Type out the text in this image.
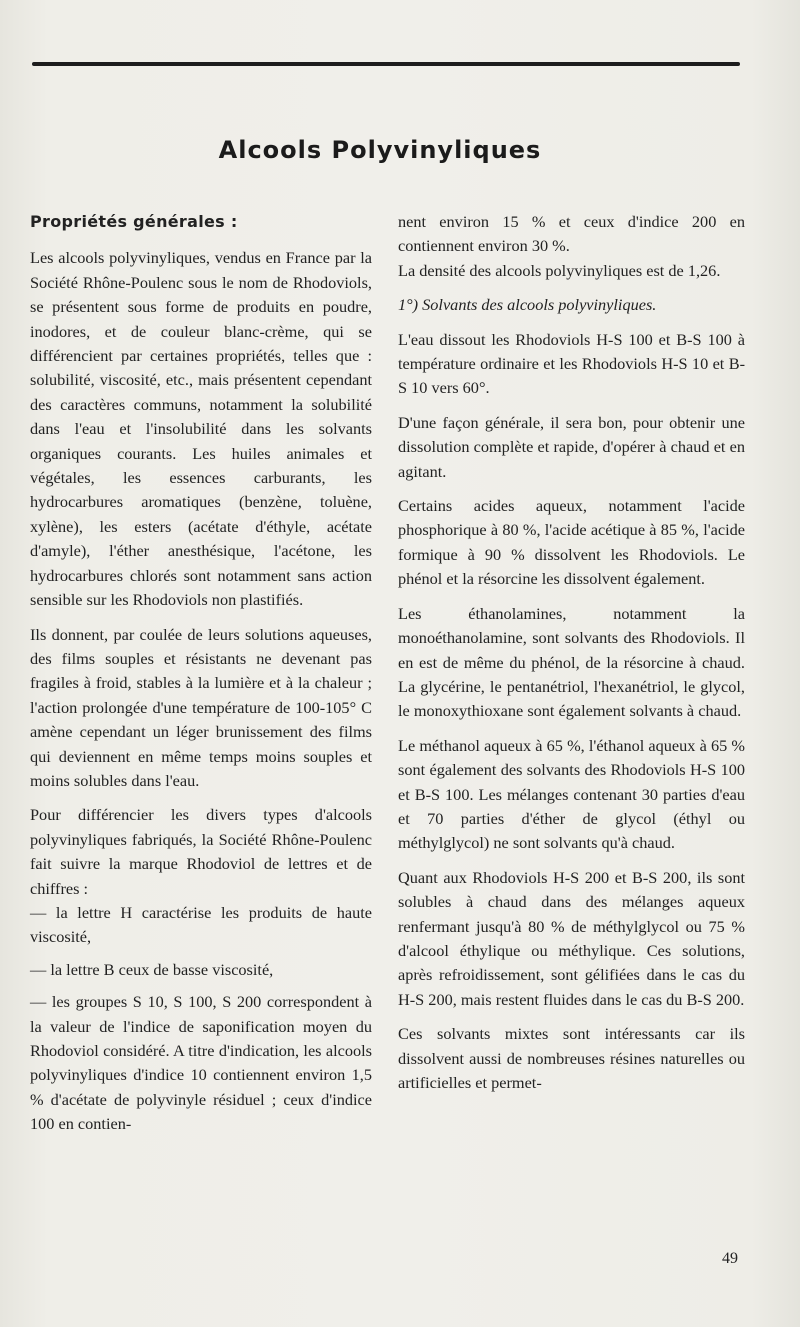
Alcools Polyvinyliques
Propriétés générales :

Les alcools polyvinyliques, vendus en France par la Société Rhône-Poulenc sous le nom de Rhodoviols, se présentent sous forme de produits en poudre, inodores, et de couleur blanc-crème, qui se différencient par certaines propriétés, telles que : solubilité, viscosité, etc., mais présentent cependant des caractères communs, notamment la solubilité dans l'eau et l'insolubilité dans les solvants organiques courants. Les huiles animales et végétales, les essences carburants, les hydrocarbures aromatiques (benzène, toluène, xylène), les esters (acétate d'éthyle, acétate d'amyle), l'éther anesthésique, l'acétone, les hydrocarbures chlorés sont notamment sans action sensible sur les Rhodoviols non plastifiés.

Ils donnent, par coulée de leurs solutions aqueuses, des films souples et résistants ne devenant pas fragiles à froid, stables à la lumière et à la chaleur ; l'action prolongée d'une température de 100-105° C amène cependant un léger brunissement des films qui deviennent en même temps moins souples et moins solubles dans l'eau.

Pour différencier les divers types d'alcools polyvinyliques fabriqués, la Société Rhône-Poulenc fait suivre la marque Rhodoviol de lettres et de chiffres :

— la lettre H caractérise les produits de haute viscosité,

— la lettre B ceux de basse viscosité,

— les groupes S 10, S 100, S 200 correspondent à la valeur de l'indice de saponification moyen du Rhodoviol considéré. A titre d'indication, les alcools polyvinyliques d'indice 10 contiennent environ 1,5 % d'acétate de polyvinyle résiduel ; ceux d'indice 100 en contien-

nent environ 15 % et ceux d'indice 200 en contiennent environ 30 %.

La densité des alcools polyvinyliques est de 1,26.

1°) Solvants des alcools polyvinyliques.

L'eau dissout les Rhodoviols H-S 100 et B-S 100 à température ordinaire et les Rhodoviols H-S 10 et B-S 10 vers 60°.

D'une façon générale, il sera bon, pour obtenir une dissolution complète et rapide, d'opérer à chaud et en agitant.

Certains acides aqueux, notamment l'acide phosphorique à 80 %, l'acide acétique à 85 %, l'acide formique à 90 % dissolvent les Rhodoviols. Le phénol et la résorcine les dissolvent également.

Les éthanolamines, notamment la monoéthanolamine, sont solvants des Rhodoviols. Il en est de même du phénol, de la résorcine à chaud. La glycérine, le pentanétriol, l'hexanétriol, le glycol, le monoxythioxane sont également solvants à chaud.

Le méthanol aqueux à 65 %, l'éthanol aqueux à 65 % sont également des solvants des Rhodoviols H-S 100 et B-S 100. Les mélanges contenant 30 parties d'eau et 70 parties d'éther de glycol (éthyl ou méthylglycol) ne sont solvants qu'à chaud.

Quant aux Rhodoviols H-S 200 et B-S 200, ils sont solubles à chaud dans des mélanges aqueux renfermant jusqu'à 80 % de méthylglycol ou 75 % d'alcool éthylique ou méthylique. Ces solutions, après refroidissement, sont gélifiées dans le cas du H-S 200, mais restent fluides dans le cas du B-S 200.

Ces solvants mixtes sont intéressants car ils dissolvent aussi de nombreuses résines naturelles ou artificielles et permet-

49
